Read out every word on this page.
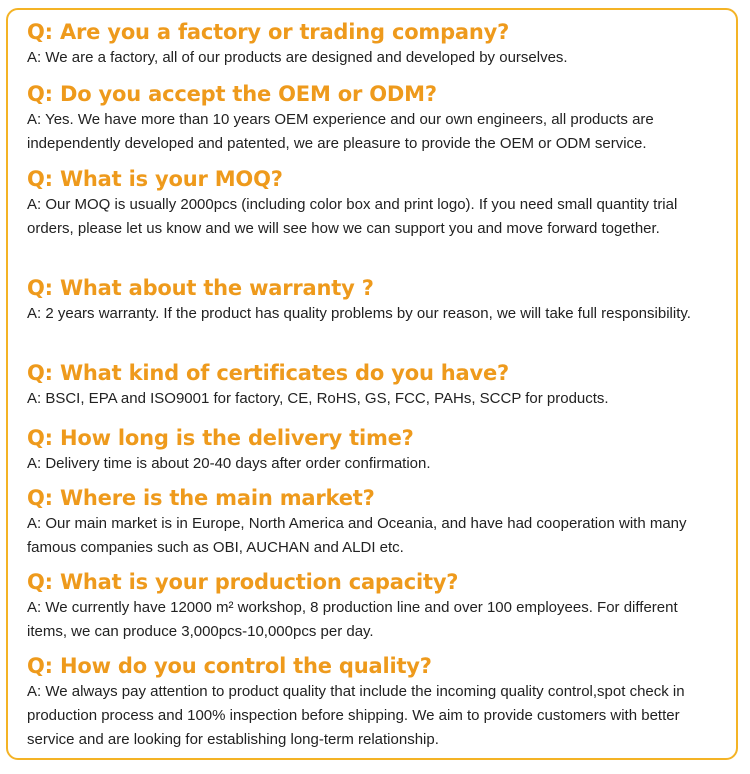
Q: Are you a factory or trading company?
A: We are a factory, all of our products are designed and developed by ourselves.
Q: Do you accept the OEM or ODM?
A: Yes. We have more than 10 years OEM experience and our own engineers, all products are independently developed and patented, we are pleasure to provide the OEM or ODM service.
Q: What is your MOQ?
A: Our MOQ is usually 2000pcs (including color box and print logo). If you need small quantity trial orders, please let us know and we will see how we can support you and move forward together.
Q: What about the warranty ?
A: 2 years warranty. If the product has quality problems by our reason, we will take full responsibility.
Q: What kind of certificates do you have?
A: BSCI, EPA and ISO9001 for factory, CE, RoHS, GS, FCC, PAHs, SCCP for products.
Q: How long is the delivery time?
A: Delivery time is about 20-40 days after order confirmation.
Q: Where is the main market?
A: Our main market is in Europe, North America and Oceania, and have had cooperation with many famous companies such as OBI, AUCHAN and ALDI etc.
Q: What is your production capacity?
A: We currently have 12000 m² workshop, 8 production line and over 100 employees. For different items, we can produce 3,000pcs-10,000pcs per day.
Q: How do you control the quality?
A: We always pay attention to product quality that include the incoming quality control,spot check in production process and 100% inspection before shipping. We aim to provide customers with better service and are looking for establishing long-term relationship.
